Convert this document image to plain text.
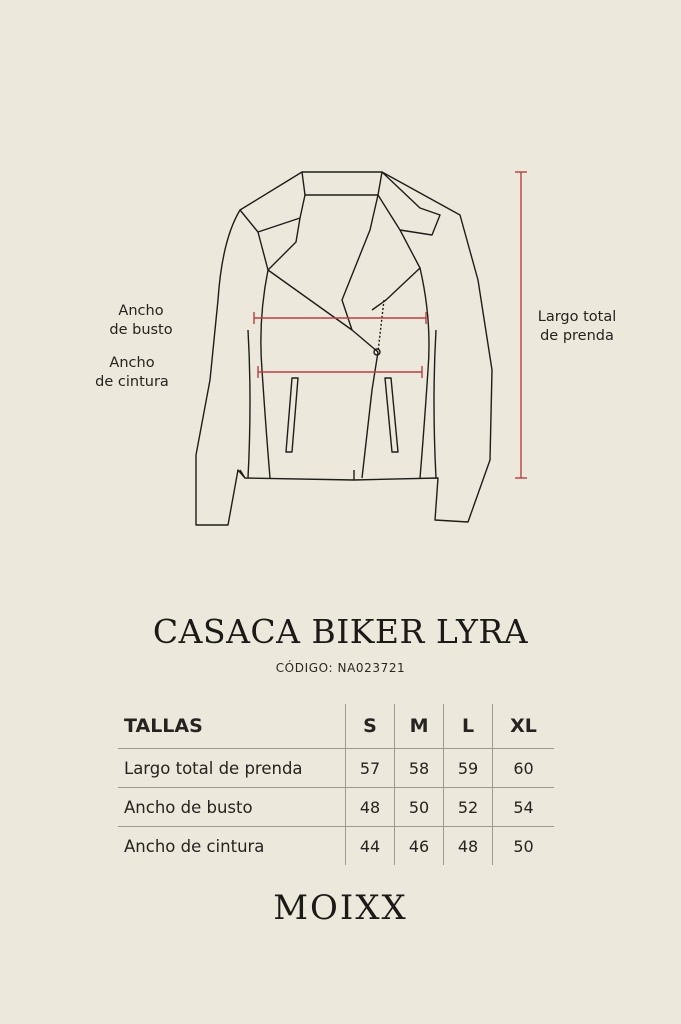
Ancho
de busto
Ancho
de cintura
Largo total
de prenda
CASACA BIKER LYRA
CÓDIGO: NA023721
TALLAS	S	M	L	XL
Largo total de prenda	57	58	59	60
Ancho de busto	48	50	52	54
Ancho de cintura	44	46	48	50
MOIXX
